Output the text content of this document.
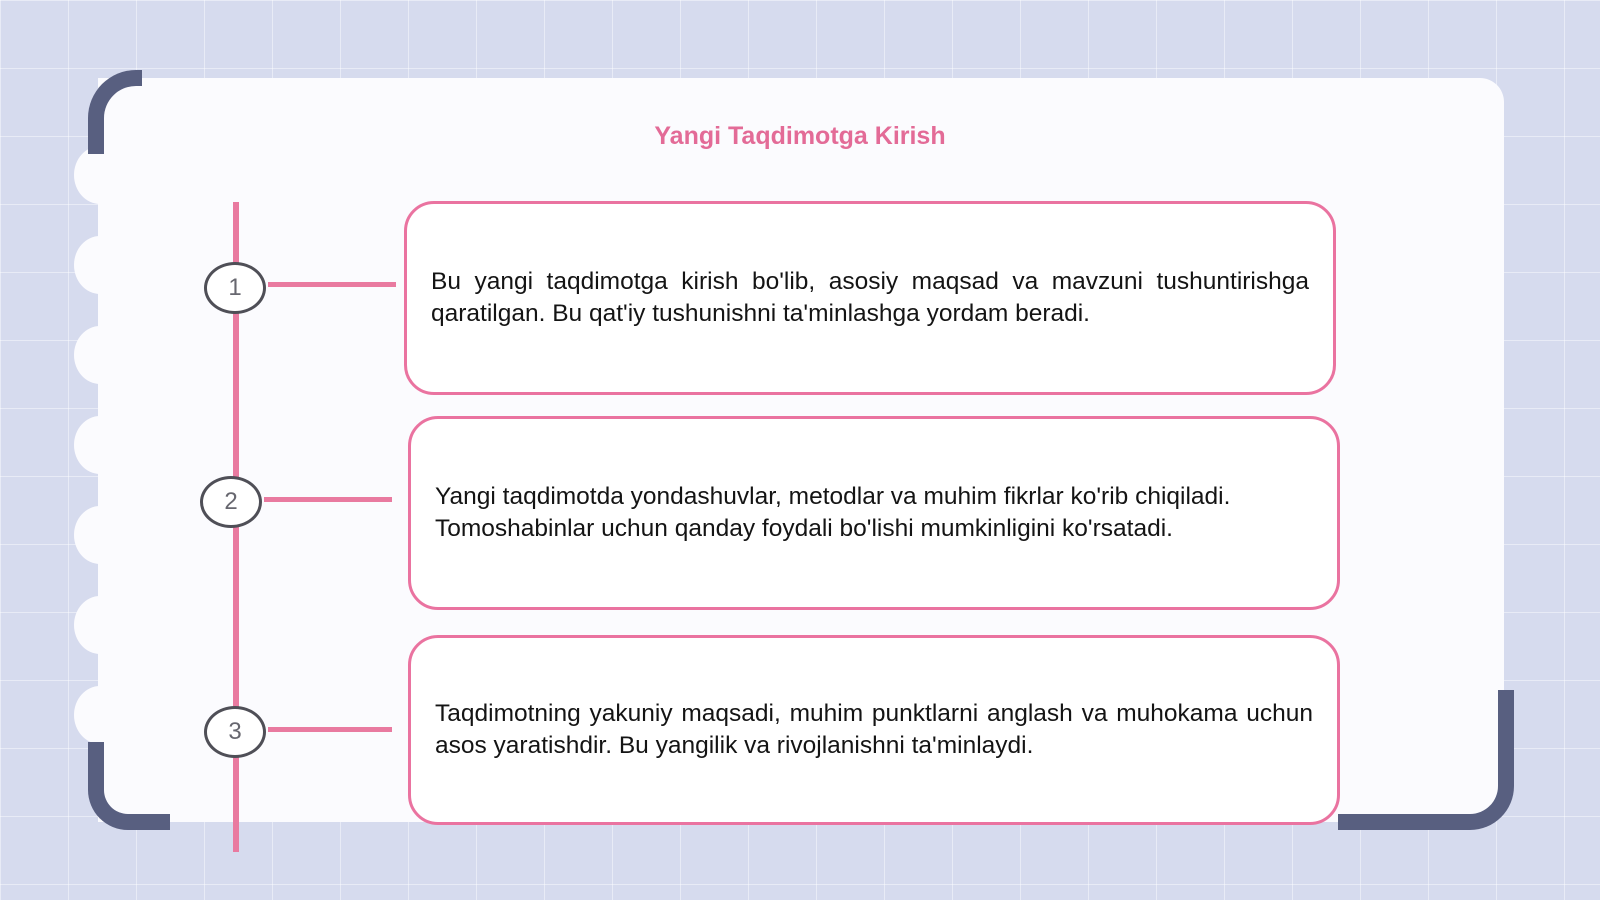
Yangi Taqdimotga Kirish
1
2
3

Bu yangi taqdimotga kirish bo'lib, asosiy maqsad va mavzuni tushuntirishga qaratilgan. Bu qat'iy tushunishni ta'minlashga yordam beradi.

Yangi taqdimotda yondashuvlar, metodlar va muhim fikrlar ko'rib chiqiladi. Tomoshabinlar uchun qanday foydali bo'lishi mumkinligini ko'rsatadi.

Taqdimotning yakuniy maqsadi, muhim punktlarni anglash va muhokama uchun asos yaratishdir. Bu yangilik va rivojlanishni ta'minlaydi.
